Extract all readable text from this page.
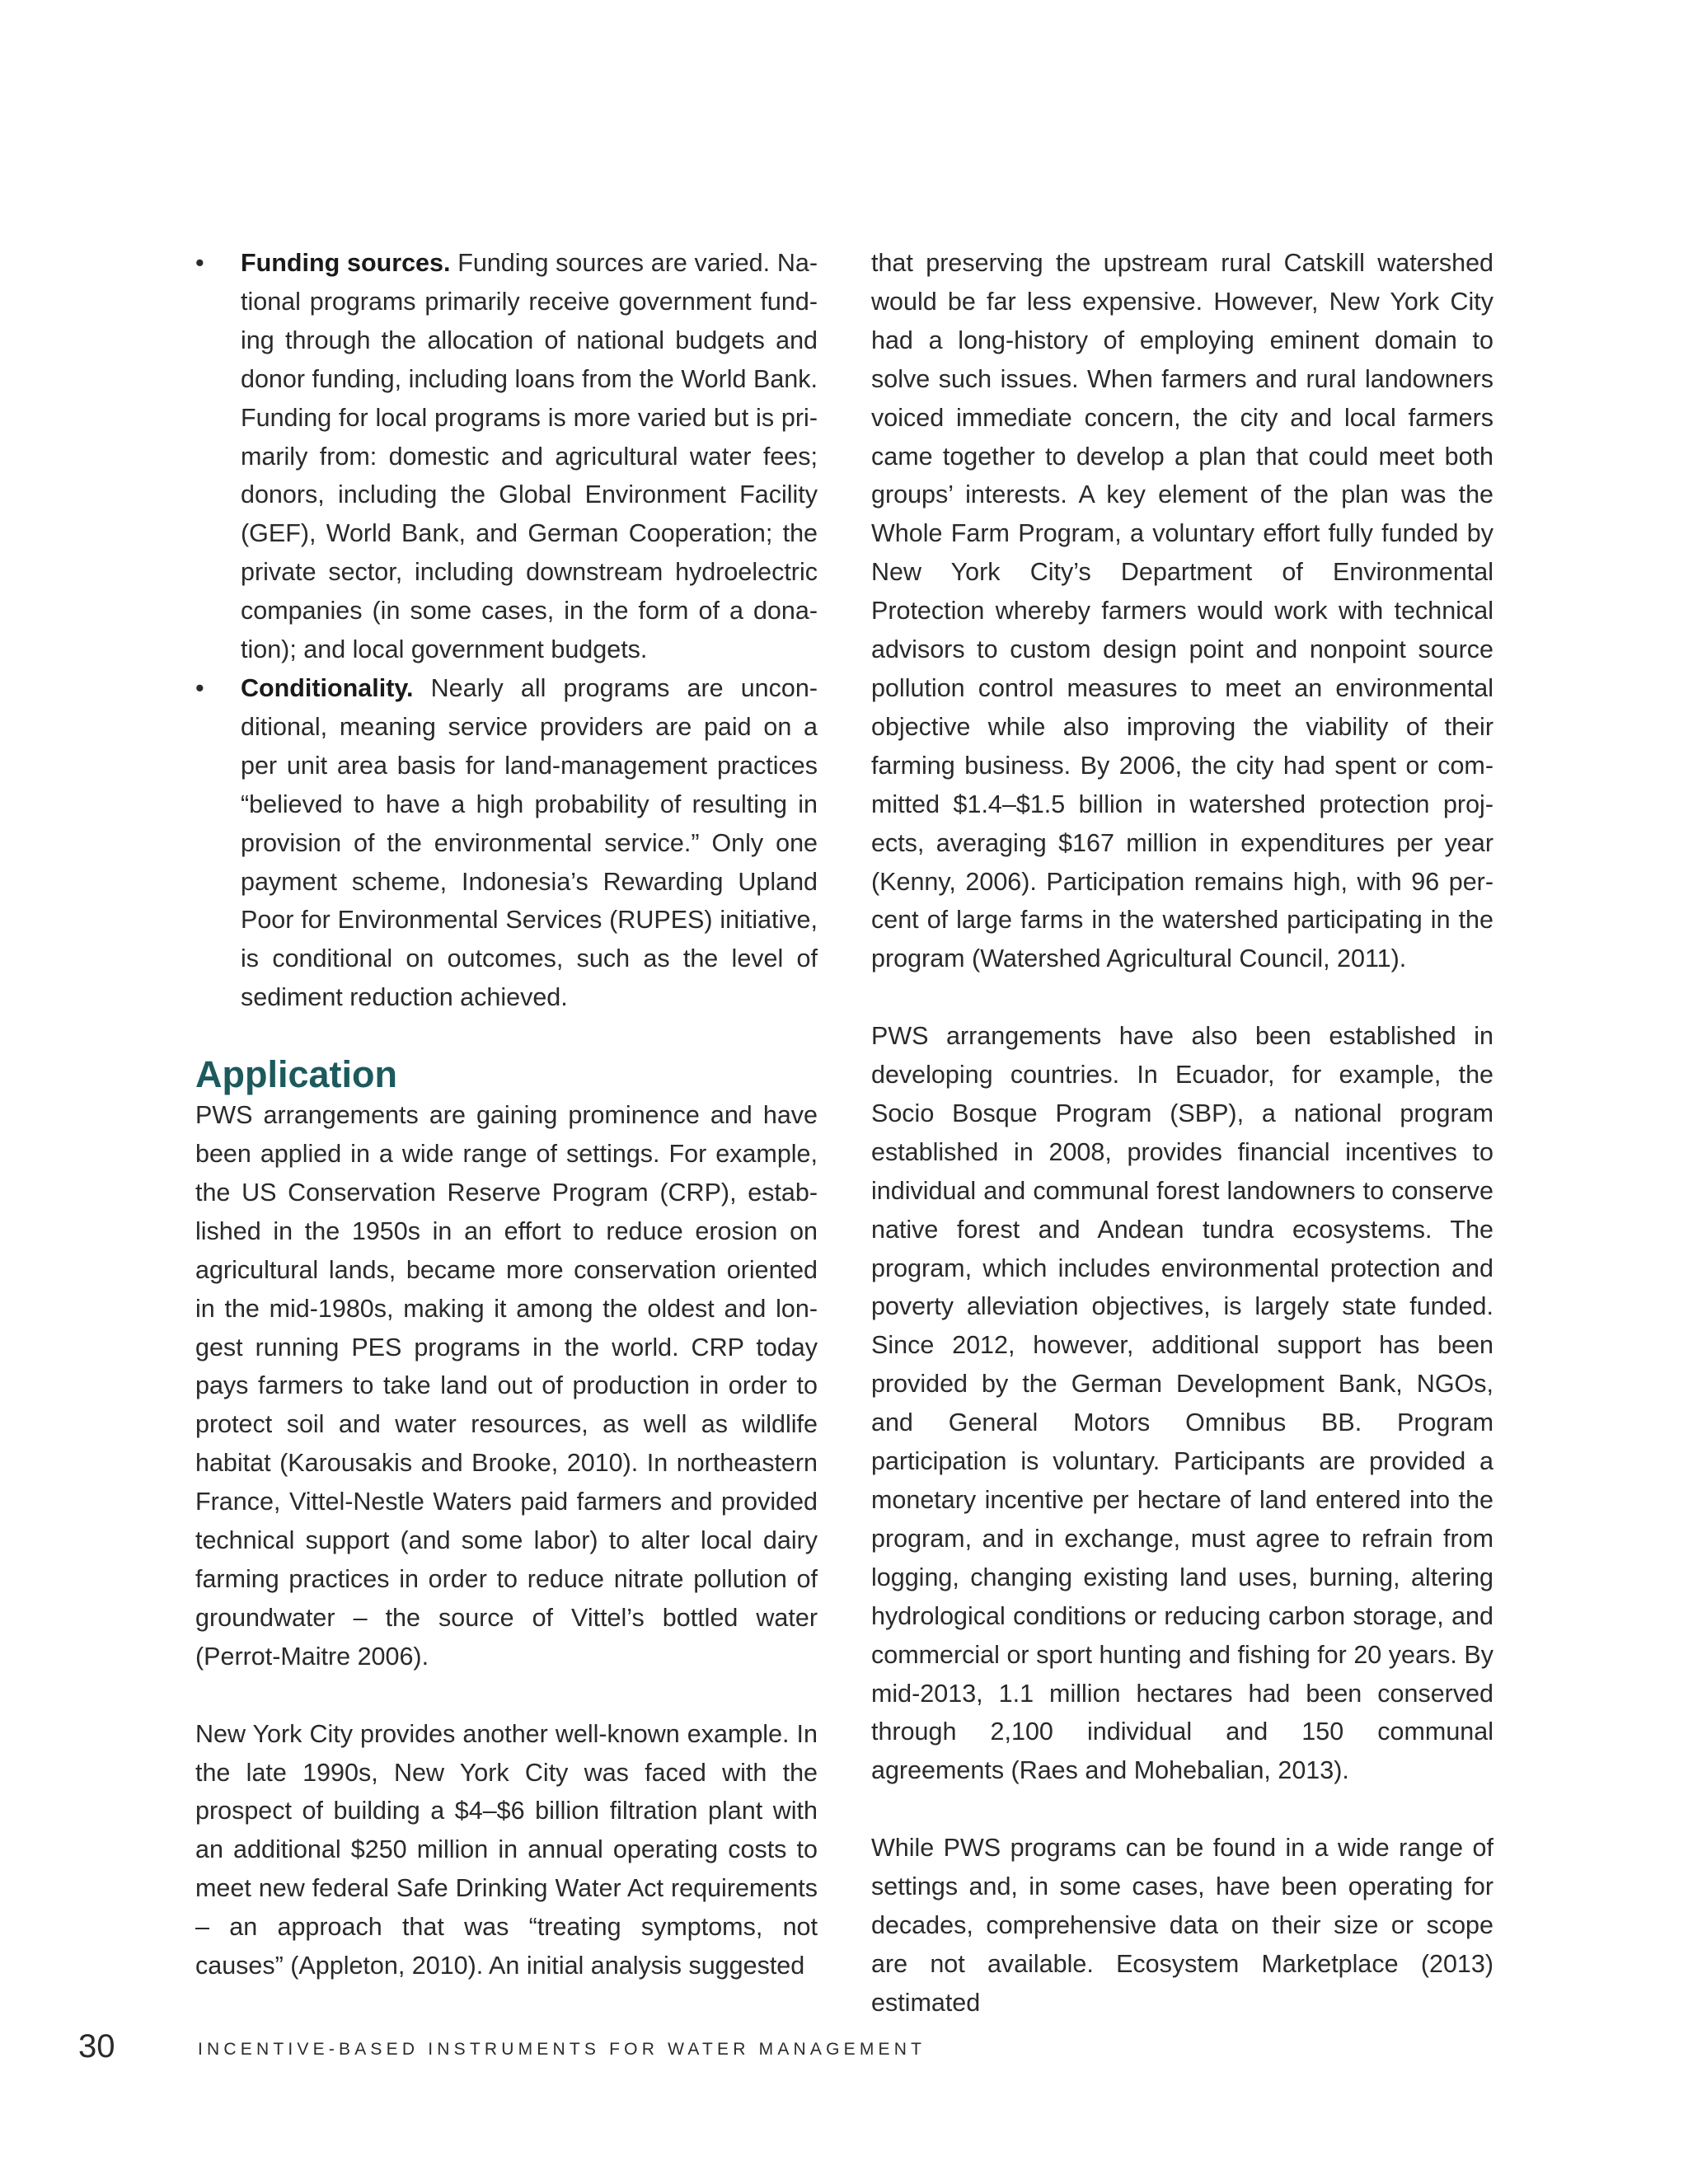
• Funding sources. Funding sources are varied. National programs primarily receive government funding through the allocation of national budgets and donor funding, including loans from the World Bank. Funding for local programs is more varied but is primarily from: domestic and agricultural water fees; donors, including the Global Environment Facility (GEF), World Bank, and German Cooperation; the private sector, including downstream hydroelectric companies (in some cases, in the form of a donation); and local government budgets.
• Conditionality. Nearly all programs are unconditional, meaning service providers are paid on a per unit area basis for land-management practices “believed to have a high probability of resulting in provision of the environmental service.” Only one payment scheme, Indonesia’s Rewarding Upland Poor for Environmental Services (RUPES) initiative, is conditional on outcomes, such as the level of sediment reduction achieved.
Application

PWS arrangements are gaining prominence and have been applied in a wide range of settings. For example, the US Conservation Reserve Program (CRP), established in the 1950s in an effort to reduce erosion on agricultural lands, became more conservation oriented in the mid-1980s, making it among the oldest and longest running PES programs in the world. CRP today pays farmers to take land out of production in order to protect soil and water resources, as well as wildlife habitat (Karousakis and Brooke, 2010). In northeastern France, Vittel-Nestle Waters paid farmers and provided technical support (and some labor) to alter local dairy farming practices in order to reduce nitrate pollution of groundwater – the source of Vittel’s bottled water (Perrot-Maitre 2006).

New York City provides another well-known example. In the late 1990s, New York City was faced with the prospect of building a $4–$6 billion filtration plant with an additional $250 million in annual operating costs to meet new federal Safe Drinking Water Act requirements – an approach that was “treating symptoms, not causes” (Appleton, 2010). An initial analysis suggested

that preserving the upstream rural Catskill watershed would be far less expensive. However, New York City had a long-history of employing eminent domain to solve such issues. When farmers and rural landowners voiced immediate concern, the city and local farmers came together to develop a plan that could meet both groups’ interests. A key element of the plan was the Whole Farm Program, a voluntary effort fully funded by New York City’s Department of Environmental Protection whereby farmers would work with technical advisors to custom design point and nonpoint source pollution control measures to meet an environmental objective while also improving the viability of their farming business. By 2006, the city had spent or committed $1.4–$1.5 billion in watershed protection projects, averaging $167 million in expenditures per year (Kenny, 2006). Participation remains high, with 96 percent of large farms in the watershed participating in the program (Watershed Agricultural Council, 2011).

PWS arrangements have also been established in developing countries. In Ecuador, for example, the Socio Bosque Program (SBP), a national program established in 2008, provides financial incentives to individual and communal forest landowners to conserve native forest and Andean tundra ecosystems. The program, which includes environmental protection and poverty alleviation objectives, is largely state funded. Since 2012, however, additional support has been provided by the German Development Bank, NGOs, and General Motors Omnibus BB. Program participation is voluntary. Participants are provided a monetary incentive per hectare of land entered into the program, and in exchange, must agree to refrain from logging, changing existing land uses, burning, altering hydrological conditions or reducing carbon storage, and commercial or sport hunting and fishing for 20 years. By mid-2013, 1.1 million hectares had been conserved through 2,100 individual and 150 communal agreements (Raes and Mohebalian, 2013).

While PWS programs can be found in a wide range of settings and, in some cases, have been operating for decades, comprehensive data on their size or scope are not available. Ecosystem Marketplace (2013) estimated

30	INCENTIVE-BASED INSTRUMENTS FOR WATER MANAGEMENT
